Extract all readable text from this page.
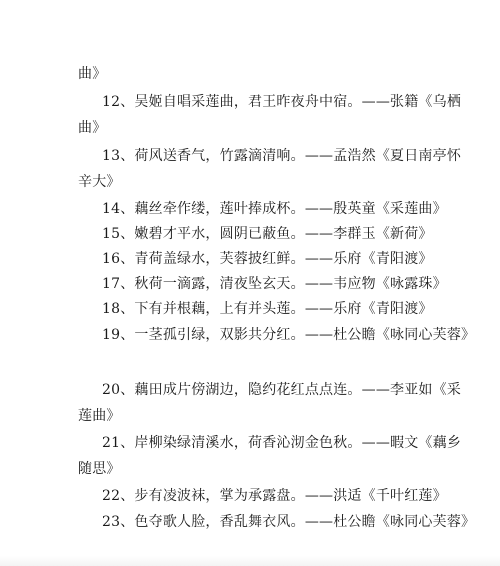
曲》
12、吴姬自唱采莲曲，君王昨夜舟中宿。——张籍《乌栖
曲》
13、荷风送香气，竹露滴清响。——孟浩然《夏日南亭怀
辛大》
14、藕丝牵作缕，莲叶捧成杯。——殷英童《采莲曲》
15、嫩碧才平水，圆阴已蔽鱼。——李群玉《新荷》
16、青荷盖绿水，芙蓉披红鲜。——乐府《青阳渡》
17、秋荷一滴露，清夜坠玄天。——韦应物《咏露珠》
18、下有并根藕，上有并头莲。——乐府《青阳渡》
19、一茎孤引绿，双影共分红。——杜公瞻《咏同心芙蓉》
20、藕田成片傍湖边，隐约花红点点连。——李亚如《采
莲曲》
21、岸柳染绿清溪水，荷香沁沏金色秋。——暇文《藕乡
随思》
22、步有凌波袜，掌为承露盘。——洪适《千叶红莲》
23、色夺歌人脸，香乱舞衣风。——杜公瞻《咏同心芙蓉》
